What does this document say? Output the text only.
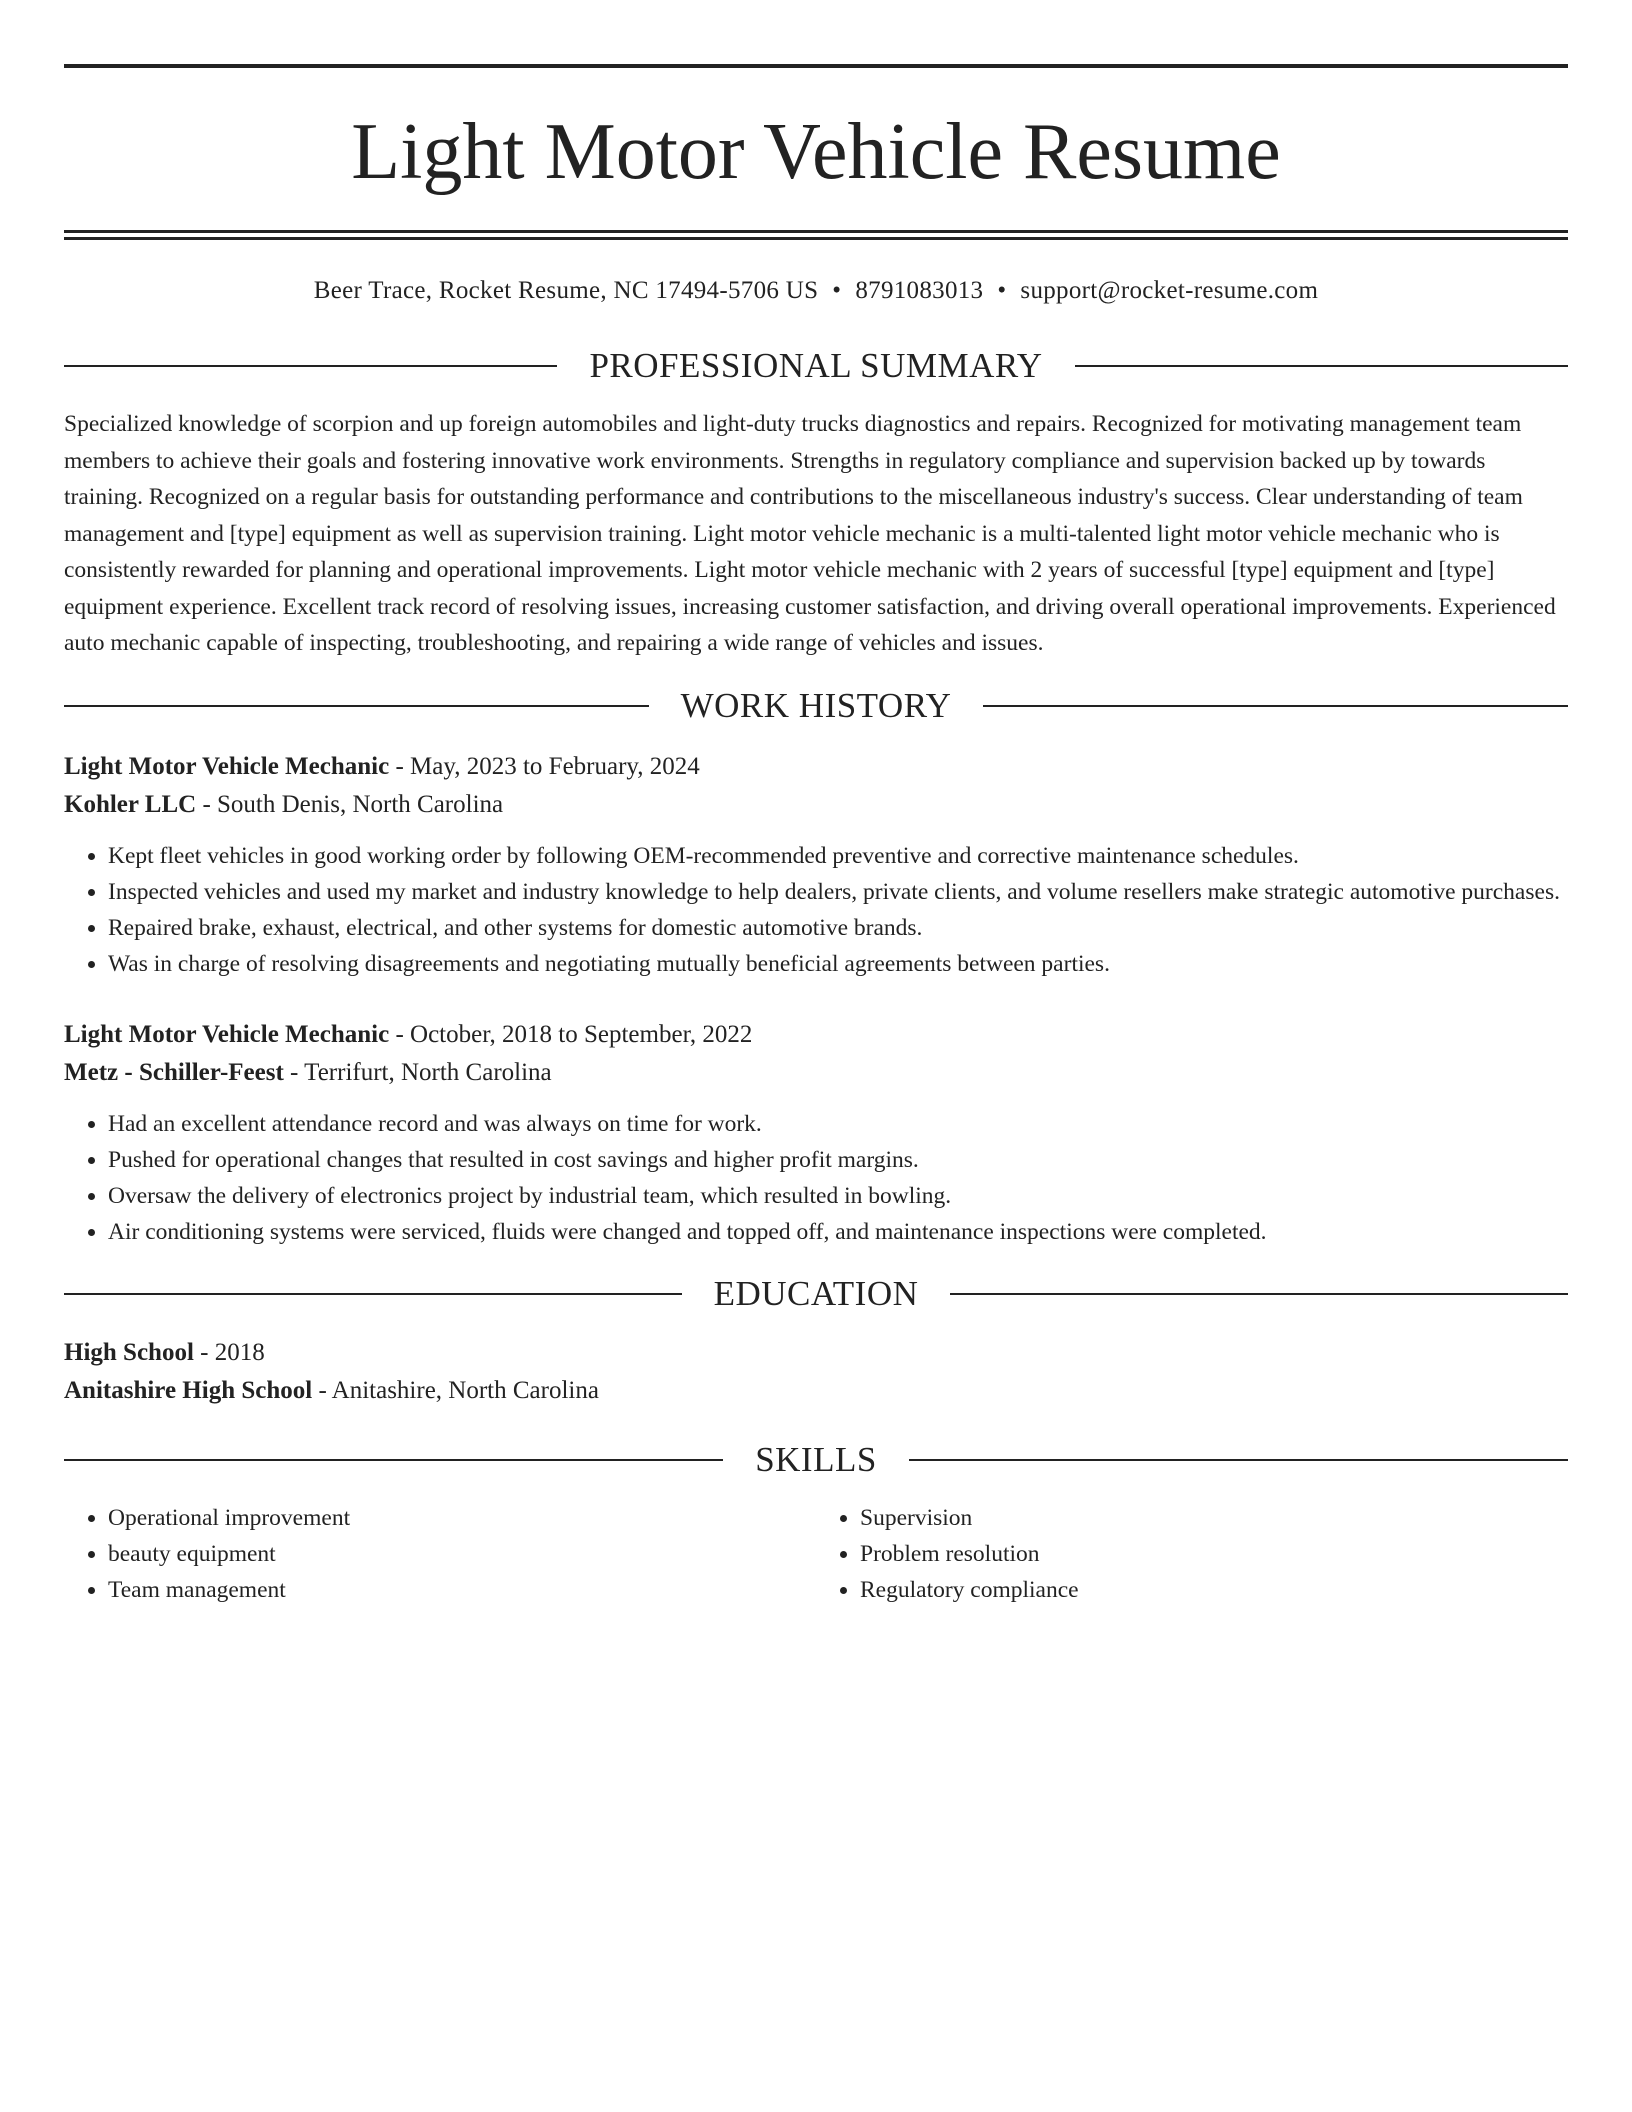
Light Motor Vehicle Resume
Beer Trace, Rocket Resume, NC 17494-5706 US • 8791083013 • support@rocket-resume.com
PROFESSIONAL SUMMARY

Specialized knowledge of scorpion and up foreign automobiles and light-duty trucks diagnostics and repairs. Recognized for motivating management team members to achieve their goals and fostering innovative work environments. Strengths in regulatory compliance and supervision backed up by towards training. Recognized on a regular basis for outstanding performance and contributions to the miscellaneous industry's success. Clear understanding of team management and [type] equipment as well as supervision training. Light motor vehicle mechanic is a multi-talented light motor vehicle mechanic who is consistently rewarded for planning and operational improvements. Light motor vehicle mechanic with 2 years of successful [type] equipment and [type] equipment experience. Excellent track record of resolving issues, increasing customer satisfaction, and driving overall operational improvements. Experienced auto mechanic capable of inspecting, troubleshooting, and repairing a wide range of vehicles and issues.

WORK HISTORY
Light Motor Vehicle Mechanic - May, 2023 to February, 2024
Kohler LLC - South Denis, North Carolina
• Kept fleet vehicles in good working order by following OEM-recommended preventive and corrective maintenance schedules.
• Inspected vehicles and used my market and industry knowledge to help dealers, private clients, and volume resellers make strategic automotive purchases.
• Repaired brake, exhaust, electrical, and other systems for domestic automotive brands.
• Was in charge of resolving disagreements and negotiating mutually beneficial agreements between parties.
Light Motor Vehicle Mechanic - October, 2018 to September, 2022
Metz - Schiller-Feest - Terrifurt, North Carolina
• Had an excellent attendance record and was always on time for work.
• Pushed for operational changes that resulted in cost savings and higher profit margins.
• Oversaw the delivery of electronics project by industrial team, which resulted in bowling.
• Air conditioning systems were serviced, fluids were changed and topped off, and maintenance inspections were completed.
EDUCATION
High School - 2018
Anitashire High School - Anitashire, North Carolina
SKILLS
• Operational improvement
• beauty equipment
• Team management
• Supervision
• Problem resolution
• Regulatory compliance
